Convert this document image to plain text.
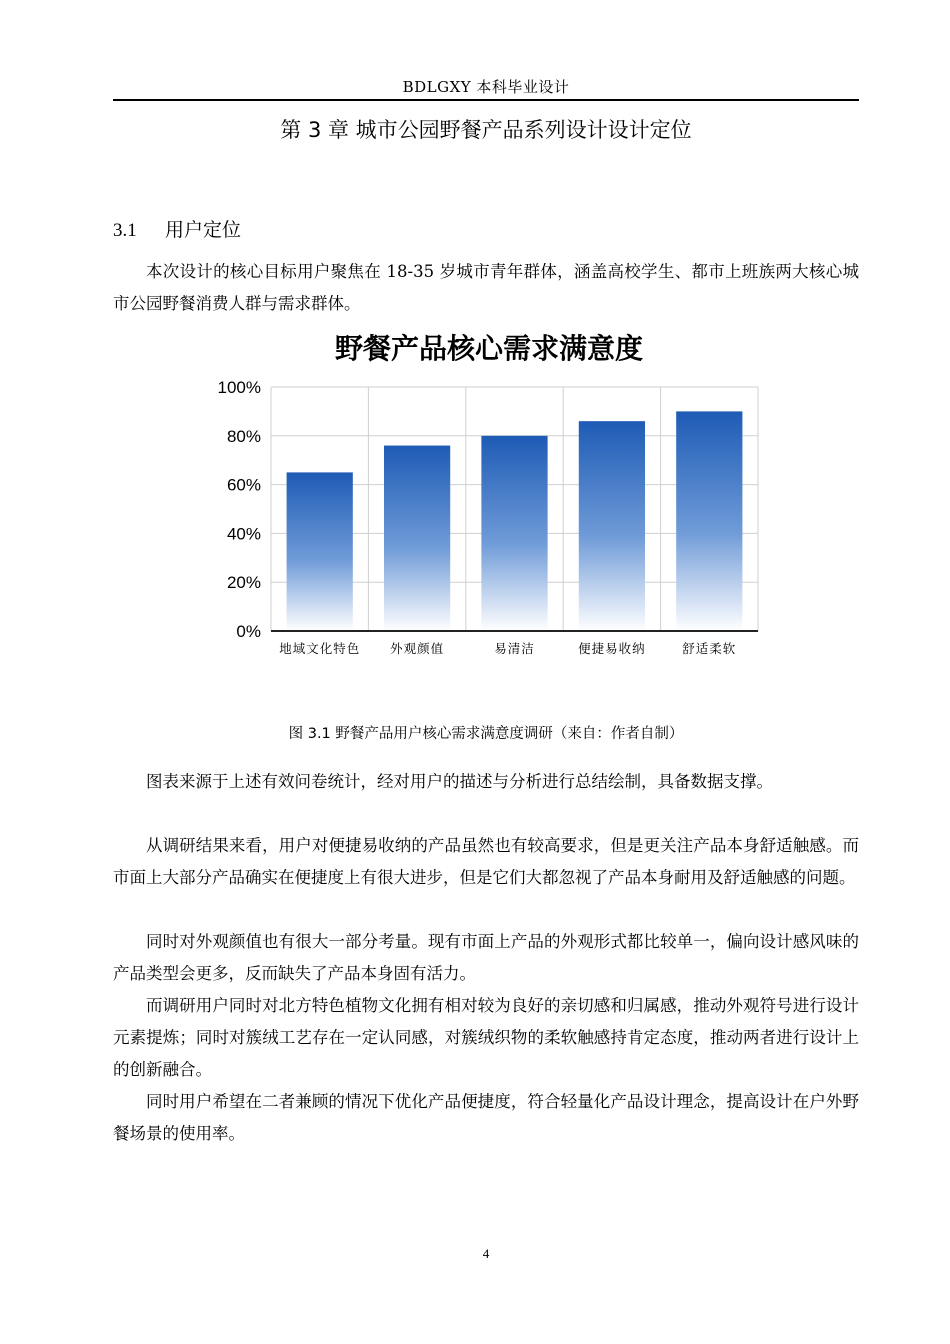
BDLGXY 本科毕业设计
第 3 章 城市公园野餐产品系列设计设计定位
3.1 用户定位

本次设计的核心目标用户聚焦在 18-35 岁城市青年群体，涵盖高校学生、都市上班族两大核心城市公园野餐消费人群与需求群体。

野餐产品核心需求满意度
0%
20%
40%
60%
80%
100%
地域文化特色 外观颜值	易清洁	便捷易收纳	舒适柔软
图 3.1 野餐产品用户核心需求满意度调研（来自：作者自制）

图表来源于上述有效问卷统计，经对用户的描述与分析进行总结绘制，具备数据支撑。

从调研结果来看，用户对便捷易收纳的产品虽然也有较高要求，但是更关注产品本身舒适触感。而市面上大部分产品确实在便捷度上有很大进步，但是它们大都忽视了产品本身耐用及舒适触感的问题。

同时对外观颜值也有很大一部分考量。现有市面上产品的外观形式都比较单一，偏向设计感风味的产品类型会更多，反而缺失了产品本身固有活力。

而调研用户同时对北方特色植物文化拥有相对较为良好的亲切感和归属感，推动外观符号进行设计元素提炼；同时对簇绒工艺存在一定认同感，对簇绒织物的柔软触感持肯定态度，推动两者进行设计上的创新融合。

同时用户希望在二者兼顾的情况下优化产品便捷度，符合轻量化产品设计理念，提高设计在户外野餐场景的使用率。

4
